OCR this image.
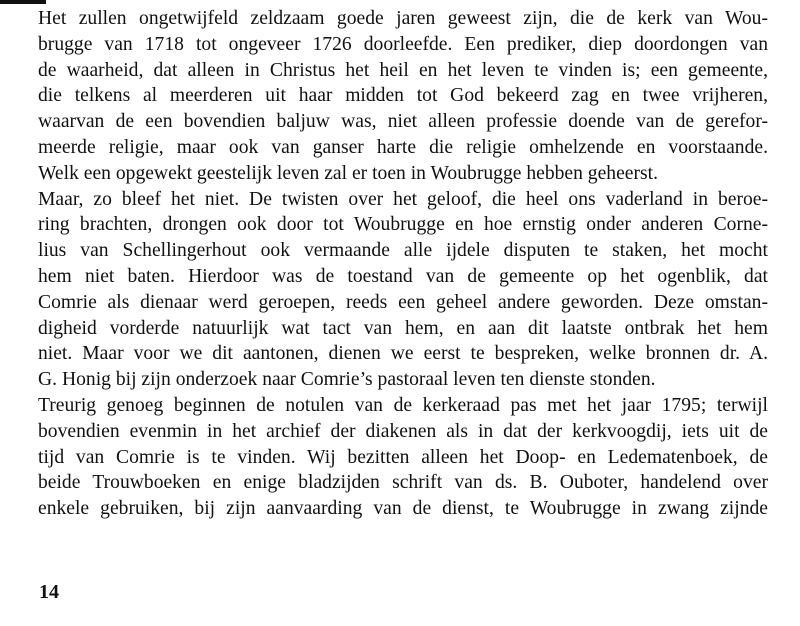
Het zullen ongetwijfeld zeldzaam goede jaren geweest zijn, die de kerk van Wou-
brugge van 1718 tot ongeveer 1726 doorleefde. Een prediker, diep doordongen van
de waarheid, dat alleen in Christus het heil en het leven te vinden is; een gemeente,
die telkens al meerderen uit haar midden tot God bekeerd zag en twee vrijheren,
waarvan de een bovendien baljuw was, niet alleen professie doende van de gerefor-
meerde religie, maar ook van ganser harte die religie omhelzende en voorstaande.
Welk een opgewekt geestelijk leven zal er toen in Woubrugge hebben geheerst.
Maar, zo bleef het niet. De twisten over het geloof, die heel ons vaderland in beroe-
ring brachten, drongen ook door tot Woubrugge en hoe ernstig onder anderen Corne-
lius van Schellingerhout ook vermaande alle ijdele disputen te staken, het mocht
hem niet baten. Hierdoor was de toestand van de gemeente op het ogenblik, dat
Comrie als dienaar werd geroepen, reeds een geheel andere geworden. Deze omstan-
digheid vorderde natuurlijk wat tact van hem, en aan dit laatste ontbrak het hem
niet. Maar voor we dit aantonen, dienen we eerst te bespreken, welke bronnen dr. A.
G. Honig bij zijn onderzoek naar Comrie’s pastoraal leven ten dienste stonden.
Treurig genoeg beginnen de notulen van de kerkeraad pas met het jaar 1795; terwijl
bovendien evenmin in het archief der diakenen als in dat der kerkvoogdij, iets uit de
tijd van Comrie is te vinden. Wij bezitten alleen het Doop- en Ledematenboek, de
beide Trouwboeken en enige bladzijden schrift van ds. B. Ouboter, handelend over
enkele gebruiken, bij zijn aanvaarding van de dienst, te Woubrugge in zwang zijnde
14
